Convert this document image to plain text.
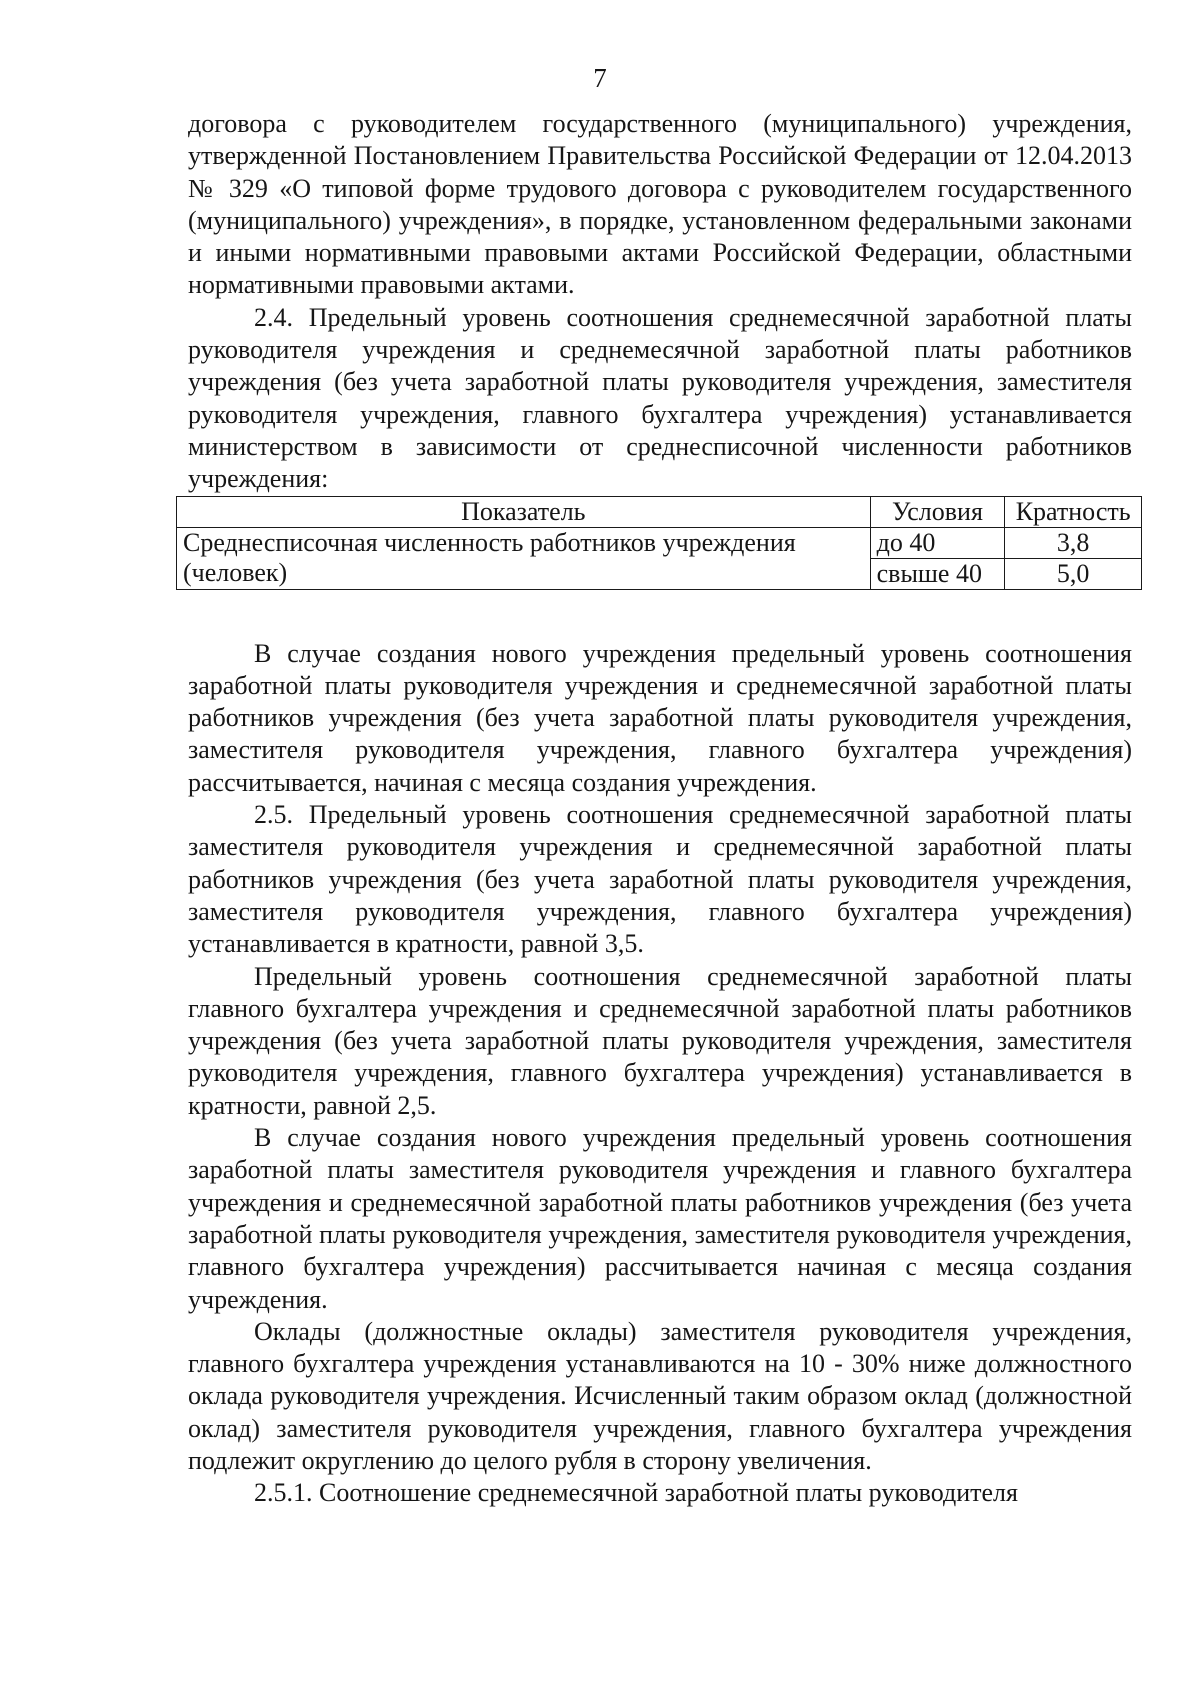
7

договора с руководителем государственного (муниципального) учреждения, утвержденной Постановлением Правительства Российской Федерации от 12.04.2013 № 329 «О типовой форме трудового договора с руководителем государственного (муниципального) учреждения», в порядке, установленном федеральными законами и иными нормативными правовыми актами Российской Федерации, областными нормативными правовыми актами.

2.4. Предельный уровень соотношения среднемесячной заработной платы руководителя учреждения и среднемесячной заработной платы работников учреждения (без учета заработной платы руководителя учреждения, заместителя руководителя учреждения, главного бухгалтера учреждения) устанавливается министерством в зависимости от среднесписочной численности работников учреждения:

Показатель	Условия	Кратность
Среднесписочная численность работников учреждения (человек)	до 40	3,8
	свыше 40	5,0

В случае создания нового учреждения предельный уровень соотношения заработной платы руководителя учреждения и среднемесячной заработной платы работников учреждения (без учета заработной платы руководителя учреждения, заместителя руководителя учреждения, главного бухгалтера учреждения) рассчитывается, начиная с месяца создания учреждения.

2.5. Предельный уровень соотношения среднемесячной заработной платы заместителя руководителя учреждения и среднемесячной заработной платы работников учреждения (без учета заработной платы руководителя учреждения, заместителя руководителя учреждения, главного бухгалтера учреждения) устанавливается в кратности, равной 3,5.

Предельный уровень соотношения среднемесячной заработной платы главного бухгалтера учреждения и среднемесячной заработной платы работников учреждения (без учета заработной платы руководителя учреждения, заместителя руководителя учреждения, главного бухгалтера учреждения) устанавливается в кратности, равной 2,5.

В случае создания нового учреждения предельный уровень соотношения заработной платы заместителя руководителя учреждения и главного бухгалтера учреждения и среднемесячной заработной платы работников учреждения (без учета заработной платы руководителя учреждения, заместителя руководителя учреждения, главного бухгалтера учреждения) рассчитывается начиная с месяца создания учреждения.

Оклады (должностные оклады) заместителя руководителя учреждения, главного бухгалтера учреждения устанавливаются на 10 - 30% ниже должностного оклада руководителя учреждения. Исчисленный таким образом оклад (должностной оклад) заместителя руководителя учреждения, главного бухгалтера учреждения подлежит округлению до целого рубля в сторону увеличения.

2.5.1. Соотношение среднемесячной заработной платы руководителя
